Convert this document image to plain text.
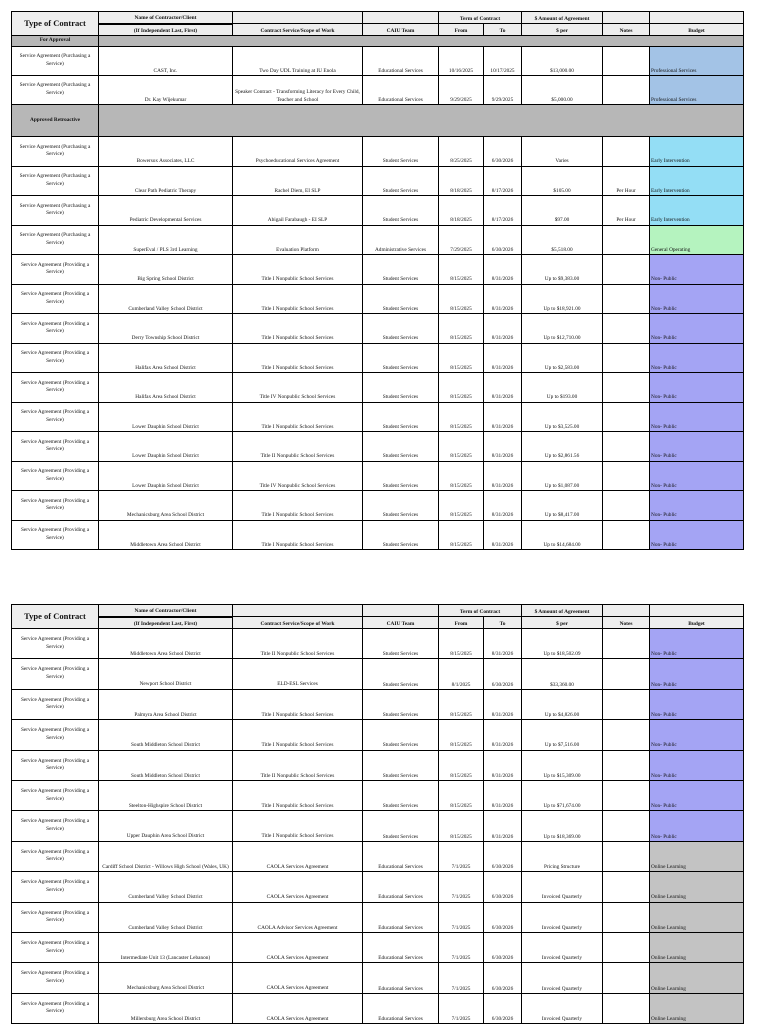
Type of Contract	Name of Contractor/Client			Term of Contract		$ Amount of Agreement		
	(If Independent Last, First)	Contract Service/Scope of Work	CAIU Team	From	To	$ per	Notes	Budget
For Approval								
Service Agreement (Purchasing a Service)	CAST, Inc.	Two Day UDL Training at IU Enola	Educational Services	10/16/2025	10/17/2025	$13,000.00		Professional Services
Service Agreement (Purchasing a Service)	Dr. Kay Wijekumar	Speaker Contract - Transforming Literacy for Every Child, Teacher and School	Educational Services	9/29/2025	9/29/2025	$5,000.00		Professional Services
Approved Retroactive								
Service Agreement (Purchasing a Service)	Bowersox Associates, LLC	Psychoeducational Services Agreement	Student Services	8/25/2025	6/30/2026	Varies		Early Intervention
Service Agreement (Purchasing a Service)	Clear Path Pediatric Therapy	Rachel Diem, EI SLP	Student Services	8/18/2025	8/17/2026	$105.00	Per Hour	Early Intervention
Service Agreement (Purchasing a Service)	Pediatric Developmental Services	Abigail Farabaugh - EI SLP	Student Services	8/18/2025	8/17/2026	$97.00	Per Hour	Early Intervention
Service Agreement (Purchasing a Service)	SuperEval / PLS 3rd Learning	Evaluation Platform	Administrative Services	7/29/2025	6/30/2026	$5,518.00		General Operating
Service Agreement (Providing a Service)	Big Spring School District	Title I Nonpublic School Services	Student Services	8/15/2025	8/31/2026	Up to $9,383.00		Non- Public
Service Agreement (Providing a Service)	Cumberland Valley School District	Title I Nonpublic School Services	Student Services	8/15/2025	8/31/2026	Up to $18,921.00		Non- Public
Service Agreement (Providing a Service)	Derry Township School District	Title I Nonpublic School Services	Student Services	8/15/2025	8/31/2026	Up to $12,710.00		Non- Public
Service Agreement (Providing a Service)	Halifax Area School District	Title I Nonpublic School Services	Student Services	8/15/2025	8/31/2026	Up to $2,583.00		Non- Public
Service Agreement (Providing a Service)	Halifax Area School District	Title IV Nonpublic School Services	Student Services	8/15/2025	8/31/2026	Up to $193.00		Non- Public
Service Agreement (Providing a Service)	Lower Dauphin School District	Title I Nonpublic School Services	Student Services	8/15/2025	8/31/2026	Up to $3,525.00		Non- Public
Service Agreement (Providing a Service)	Lower Dauphin School District	Title II Nonpublic School Services	Student Services	8/15/2025	8/31/2026	Up to $2,861.56		Non- Public
Service Agreement (Providing a Service)	Lower Dauphin School District	Title IV Nonpublic School Services	Student Services	8/15/2025	8/31/2026	Up to $1,087.00		Non- Public
Service Agreement (Providing a Service)	Mechanicsburg Area School District	Title I Nonpublic School Services	Student Services	8/15/2025	8/31/2026	Up to $8,417.00		Non- Public
Service Agreement (Providing a Service)	Middletown Area School District	Title I Nonpublic School Services	Student Services	8/15/2025	8/31/2026	Up to $14,684.00		Non- Public
Type of Contract	Name of Contractor/Client			Term of Contract		$ Amount of Agreement		
	(If Independent Last, First)	Contract Service/Scope of Work	CAIU Team	From	To	$ per	Notes	Budget
Service Agreement (Providing a Service)	Middletown Area School District	Title II Nonpublic School Services	Student Services	8/15/2025	8/31/2026	Up to $18,502.09		Non- Public
Service Agreement (Providing a Service)	Newport School District	ELD-ESL Services	Student Services	8/1/2025	6/30/2026	$33,360.00		Non- Public
Service Agreement (Providing a Service)	Palmyra Area School District	Title I Nonpublic School Services	Student Services	8/15/2025	8/31/2026	Up to $4,826.00		Non- Public
Service Agreement (Providing a Service)	South Middleton School District	Title I Nonpublic School Services	Student Services	8/15/2025	8/31/2026	Up to $7,516.00		Non- Public
Service Agreement (Providing a Service)	South Middleton School District	Title II Nonpublic School Services	Student Services	8/15/2025	8/31/2026	Up to $15,309.00		Non- Public
Service Agreement (Providing a Service)	Steelton-Highspire School District	Title I Nonpublic School Services	Student Services	8/15/2025	8/31/2026	Up to $71,674.00		Non- Public
Service Agreement (Providing a Service)	Upper Dauphin Area School District	Title I Nonpublic School Services	Student Services	8/15/2025	8/31/2026	Up to $18,369.00		Non- Public
Service Agreement (Providing a Service)	Cardiff School District - Willows High School (Wales, UK)	CAOLA Services Agreement	Educational Services	7/1/2025	6/30/2026	Pricing Structure		Online Learning
Service Agreement (Providing a Service)	Cumberland Valley School District	CAOLA Services Agreement	Educational Services	7/1/2025	6/30/2026	Invoiced Quarterly		Online Learning
Service Agreement (Providing a Service)	Cumberland Valley School District	CAOLA Advisor Services Agreement	Educational Services	7/1/2025	6/30/2026	Invoiced Quarterly		Online Learning
Service Agreement (Providing a Service)	Intermediate Unit 13 (Lancaster Lebanon)	CAOLA Services Agreement	Educational Services	7/1/2025	6/30/2026	Invoiced Quarterly		Online Learning
Service Agreement (Providing a Service)	Mechanicsburg Area School District	CAOLA Services Agreement	Educational Services	7/1/2025	6/30/2026	Invoiced Quarterly		Online Learning
Service Agreement (Providing a Service)	Millersburg Area School District	CAOLA Services Agreement	Educational Services	7/1/2025	6/30/2026	Invoiced Quarterly		Online Learning
